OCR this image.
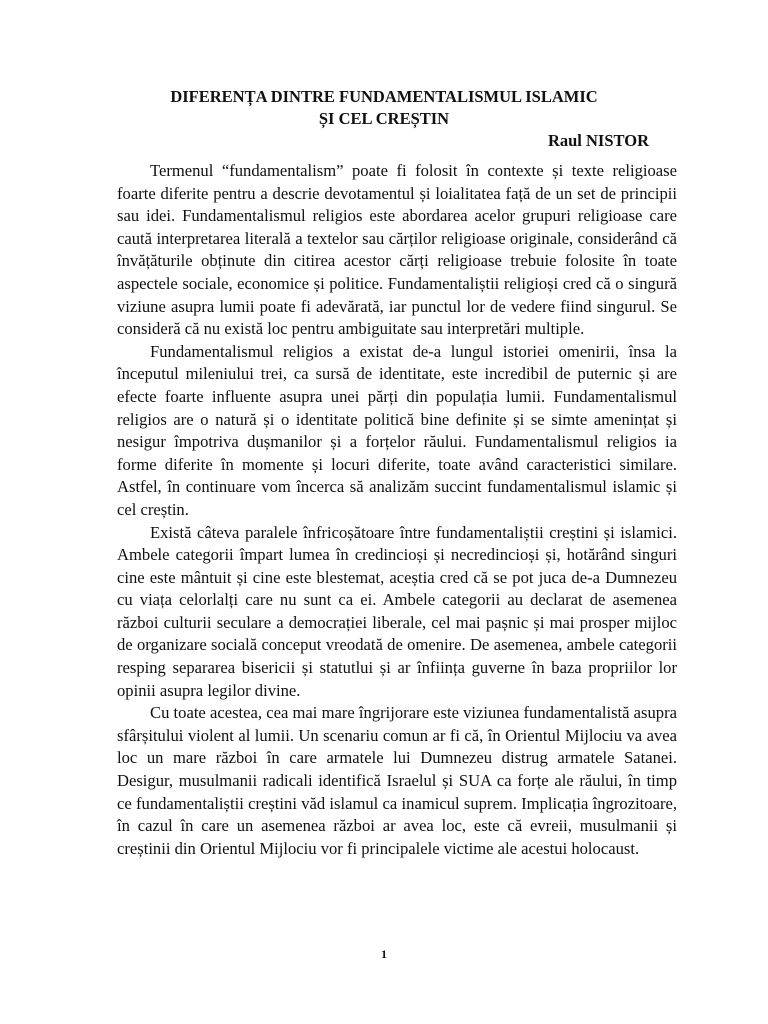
DIFERENȚA DINTRE FUNDAMENTALISMUL ISLAMIC
ȘI CEL CREȘTIN

Raul NISTOR

Termenul “fundamentalism” poate fi folosit în contexte și texte religioase foarte diferite pentru a descrie devotamentul și loialitatea față de un set de principii sau idei. Fundamentalismul religios este abordarea acelor grupuri religioase care caută interpretarea literală a textelor sau cărților religioase originale, considerând că învățăturile obținute din citirea acestor cărți religioase trebuie folosite în toate aspectele sociale, economice și politice. Fundamentaliștii religioși cred că o singură viziune asupra lumii poate fi adevărată, iar punctul lor de vedere fiind singurul. Se consideră că nu există loc pentru ambiguitate sau interpretări multiple.

Fundamentalismul religios a existat de-a lungul istoriei omenirii, însa la începutul mileniului trei, ca sursă de identitate, este incredibil de puternic și are efecte foarte influente asupra unei părți din populația lumii. Fundamentalismul religios are o natură și o identitate politică bine definite și se simte amenințat și nesigur împotriva dușmanilor și a forțelor răului. Fundamentalismul religios ia forme diferite în momente și locuri diferite, toate având caracteristici similare. Astfel, în continuare vom încerca să analizăm succint fundamentalismul islamic și cel creștin.

Există câteva paralele înfricoșătoare între fundamentaliștii creștini și islamici. Ambele categorii împart lumea în credincioși și necredincioși și, hotărând singuri cine este mântuit și cine este blestemat, aceștia cred că se pot juca de-a Dumnezeu cu viața celorlalți care nu sunt ca ei. Ambele categorii au declarat de asemenea război culturii seculare a democrației liberale, cel mai pașnic și mai prosper mijloc de organizare socială conceput vreodată de omenire. De asemenea, ambele categorii resping separarea bisericii și statutlui și ar înființa guverne în baza propriilor lor opinii asupra legilor divine.

Cu toate acestea, cea mai mare îngrijorare este viziunea fundamentalistă asupra sfârșitului violent al lumii. Un scenariu comun ar fi că, în Orientul Mijlociu va avea loc un mare război în care armatele lui Dumnezeu distrug armatele Satanei. Desigur, musulmanii radicali identifică Israelul și SUA ca forțe ale răului, în timp ce fundamentaliștii creștini văd islamul ca inamicul suprem. Implicația îngrozitoare, în cazul în care un asemenea război ar avea loc, este că evreii, musulmanii și creștinii din Orientul Mijlociu vor fi principalele victime ale acestui holocaust.

1
